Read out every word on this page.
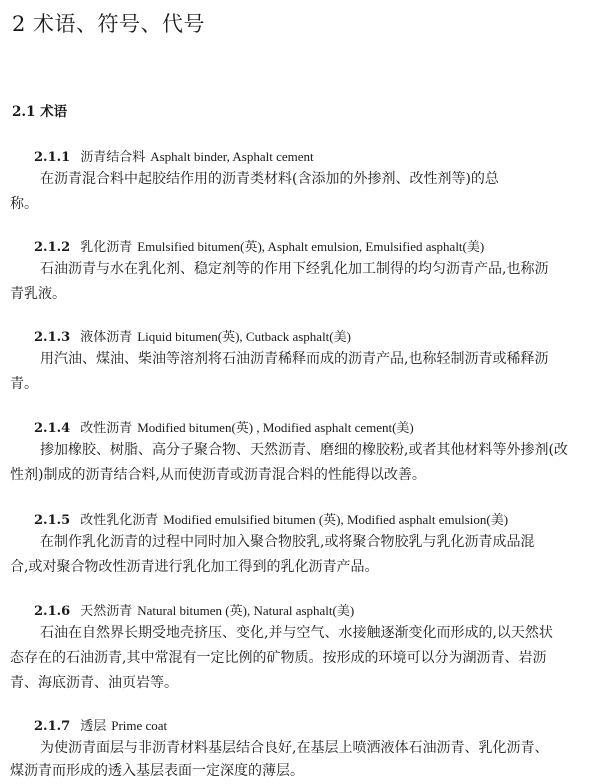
2 术语、符号、代号
2.1 术语
2.1.1 沥青结合料 Asphalt binder, Asphalt cement
在沥青混合料中起胶结作用的沥青类材料(含添加的外掺剂、改性剂等)的总
称。
2.1.2 乳化沥青 Emulsified bitumen(英), Asphalt emulsion, Emulsified asphalt(美)
石油沥青与水在乳化剂、稳定剂等的作用下经乳化加工制得的均匀沥青产品,也称沥
青乳液。
2.1.3 液体沥青 Liquid bitumen(英), Cutback asphalt(美)
用汽油、煤油、柴油等溶剂将石油沥青稀释而成的沥青产品,也称轻制沥青或稀释沥
青。
2.1.4 改性沥青 Modified bitumen(英) , Modified asphalt cement(美)
掺加橡胶、树脂、高分子聚合物、天然沥青、磨细的橡胶粉,或者其他材料等外掺剂(改
性剂)制成的沥青结合料,从而使沥青或沥青混合料的性能得以改善。
2.1.5 改性乳化沥青 Modified emulsified bitumen (英), Modified asphalt emulsion(美)
在制作乳化沥青的过程中同时加入聚合物胶乳,或将聚合物胶乳与乳化沥青成品混
合,或对聚合物改性沥青进行乳化加工得到的乳化沥青产品。
2.1.6 天然沥青 Natural bitumen (英), Natural asphalt(美)
石油在自然界长期受地壳挤压、变化,并与空气、水接触逐渐变化而形成的,以天然状
态存在的石油沥青,其中常混有一定比例的矿物质。按形成的环境可以分为湖沥青、岩沥
青、海底沥青、油页岩等。
2.1.7 透层 Prime coat
为使沥青面层与非沥青材料基层结合良好,在基层上喷洒液体石油沥青、乳化沥青、
煤沥青而形成的透入基层表面一定深度的薄层。
